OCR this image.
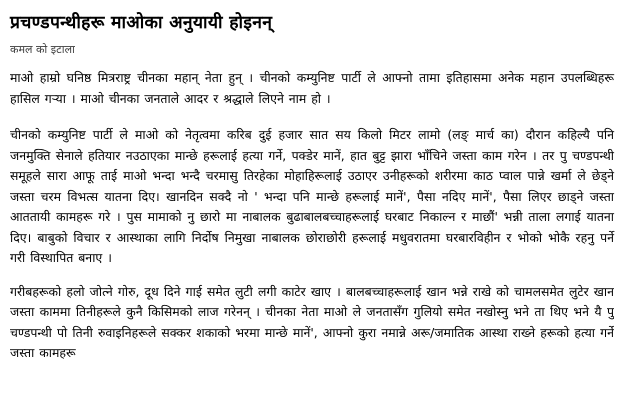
प्रचण्डपन्थीहरू माओका अनुयायी होइनन्
कमल को इटाला

माओ हाम्रो घनिष्ठ मित्रराष्ट्र चीनका महान् नेता हुन् । चीनको कम्युनिष्ट पार्टी ले आफ्नो तामा इतिहासमा अनेक महान उपलब्धिहरू हासिल गर्‍या । माओ चीनका जनताले आदर र श्रद्धाले लिएने नाम हो ।

चीनको कम्युनिष्ट पार्टी ले माओ को नेतृत्वमा करिब दुई हजार सात सय किलो मिटर लामो (लङ् मार्च का) दौरान कहिल्यै पनि जनमुक्ति सेनाले हतियार नउठाएका मान्छे हरूलाई हत्या गर्ने, पक्डेर मानें, हात बुट्ट झारा भाँचिने जस्ता काम गरेन । तर पु चण्डपन्थी समूहले सारा आफू ताई माओ भन्दा भन्दै चरमासु तिरहेका मोहाहिरूलाई उठाएर उनीहरूको शरीरमा काठ प्वाल पान्ने खर्मा ले छेड्ने जस्ता चरम विभत्स यातना दिए। खानदिन सक्दै नो ' भन्दा पनि मान्छे हरूलाई मानें', पैसा नदिए मानें', पैसा लिएर छाड्ने जस्ता आततायी कामहरू गरे । पुस मामाको नु छारो मा नाबालक बुढाबालबच्चाहरूलाई घरबाट निकाल्न र माछौं' भन्नी ताला लगाई यातना दिए। बाबुको विचार र आस्थाका लागि निर्दोष निमुखा नाबालक छोराछोरी हरूलाई मधुवरातमा घरबारविहीन र भोको भोकै रहनु पर्ने गरी विस्थापित बनाए ।

गरीबहरूको हलो जोत्ने गोरु, दूध दिने गाई समेत लुटी लगी काटेर खाए । बालबच्चाहरूलाई खान भन्ने राखे को चामलसमेत लुटेर खान जस्ता काममा तिनीहरूले कुनै किसिमको लाज गरेनन् । चीनका नेता माओ ले जनतासँग गुलियो समेत नखोस्नु भने ता थिए भने यै पु चण्डपन्थी पो तिनी रुवाइनिहरूले सक्कर शकाको भरमा मान्छे मानें', आफ्नो कुरा नमान्ने अरू/जमातिक आस्था राख्ने हरूको हत्या गर्ने जस्ता कामहरू
